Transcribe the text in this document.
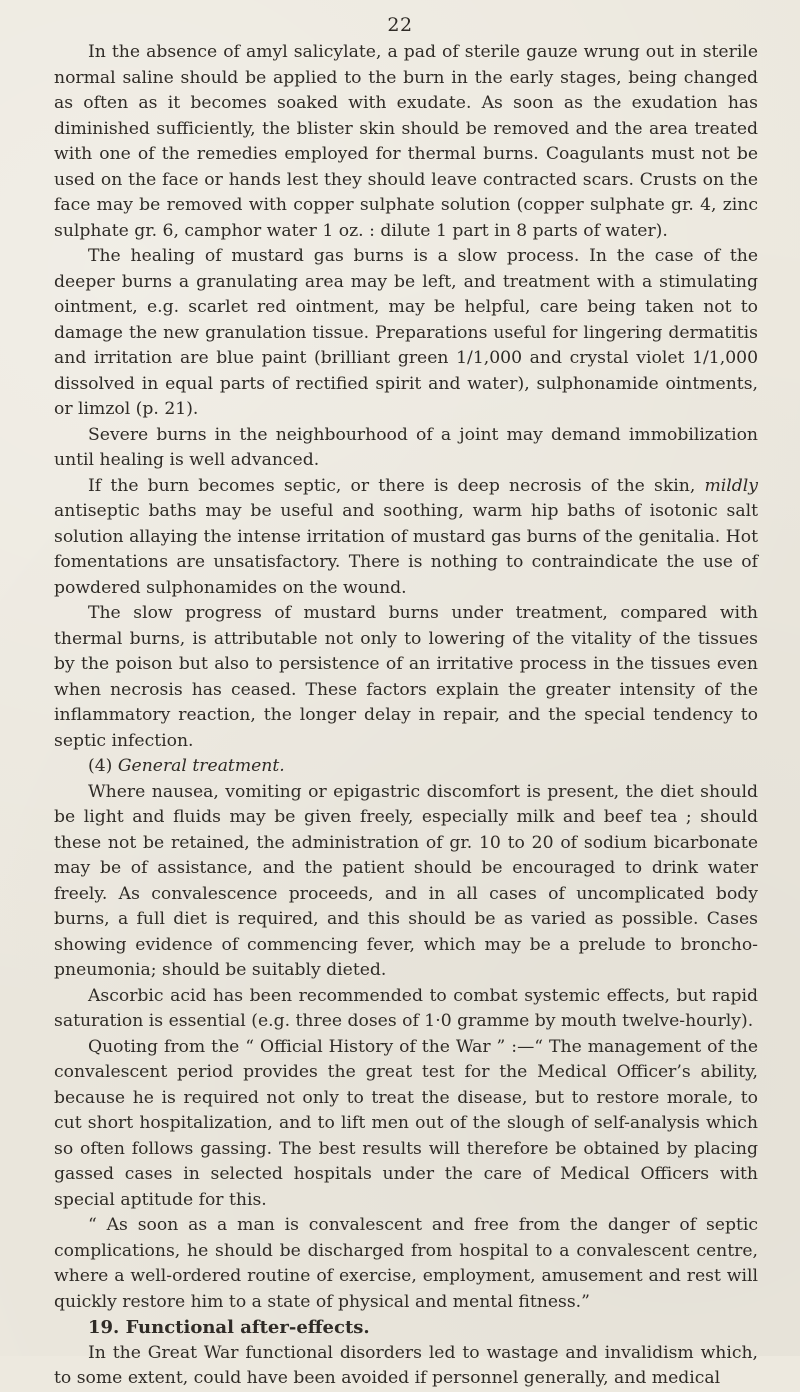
22

In the absence of amyl salicylate, a pad of sterile gauze wrung out in sterile normal saline should be applied to the burn in the early stages, being changed as often as it becomes soaked with exudate. As soon as the exudation has diminished sufficiently, the blister skin should be removed and the area treated with one of the remedies employed for thermal burns. Coagulants must not be used on the face or hands lest they should leave contracted scars. Crusts on the face may be removed with copper sulphate solution (copper sulphate gr. 4, zinc sulphate gr. 6, camphor water 1 oz. : dilute 1 part in 8 parts of water).

The healing of mustard gas burns is a slow process. In the case of the deeper burns a granulating area may be left, and treatment with a stimulating ointment, e.g. scarlet red ointment, may be helpful, care being taken not to damage the new granulation tissue. Preparations useful for lingering dermatitis and irritation are blue paint (brilliant green 1/1,000 and crystal violet 1/1,000 dissolved in equal parts of rectified spirit and water), sulphonamide ointments, or limzol (p. 21).

Severe burns in the neighbourhood of a joint may demand immobilization until healing is well advanced.

If the burn becomes septic, or there is deep necrosis of the skin, mildly antiseptic baths may be useful and soothing, warm hip baths of isotonic salt solution allaying the intense irritation of mustard gas burns of the genitalia. Hot fomentations are unsatisfactory. There is nothing to contraindicate the use of powdered sulphonamides on the wound.

The slow progress of mustard burns under treatment, compared with thermal burns, is attributable not only to lowering of the vitality of the tissues by the poison but also to persistence of an irritative process in the tissues even when necrosis has ceased. These factors explain the greater intensity of the inflammatory reaction, the longer delay in repair, and the special tendency to septic infection.

(4) General treatment.

Where nausea, vomiting or epigastric discomfort is present, the diet should be light and fluids may be given freely, especially milk and beef tea ; should these not be retained, the administration of gr. 10 to 20 of sodium bicarbonate may be of assistance, and the patient should be encouraged to drink water freely. As convalescence proceeds, and in all cases of uncomplicated body burns, a full diet is required, and this should be as varied as possible. Cases showing evidence of commencing fever, which may be a prelude to broncho-pneumonia; should be suitably dieted.

Ascorbic acid has been recommended to combat systemic effects, but rapid saturation is essential (e.g. three doses of 1·0 gramme by mouth twelve-hourly).

Quoting from the “ Official History of the War ” :—“ The management of the convalescent period provides the great test for the Medical Officer’s ability, because he is required not only to treat the disease, but to restore morale, to cut short hospitalization, and to lift men out of the slough of self-analysis which so often follows gassing. The best results will therefore be obtained by placing gassed cases in selected hospitals under the care of Medical Officers with special aptitude for this.

“ As soon as a man is convalescent and free from the danger of septic complications, he should be discharged from hospital to a convalescent centre, where a well-ordered routine of exercise, employment, amusement and rest will quickly restore him to a state of physical and mental fitness.”

19. Functional after-effects.

In the Great War functional disorders led to wastage and invalidism which, to some extent, could have been avoided if personnel generally, and medical
